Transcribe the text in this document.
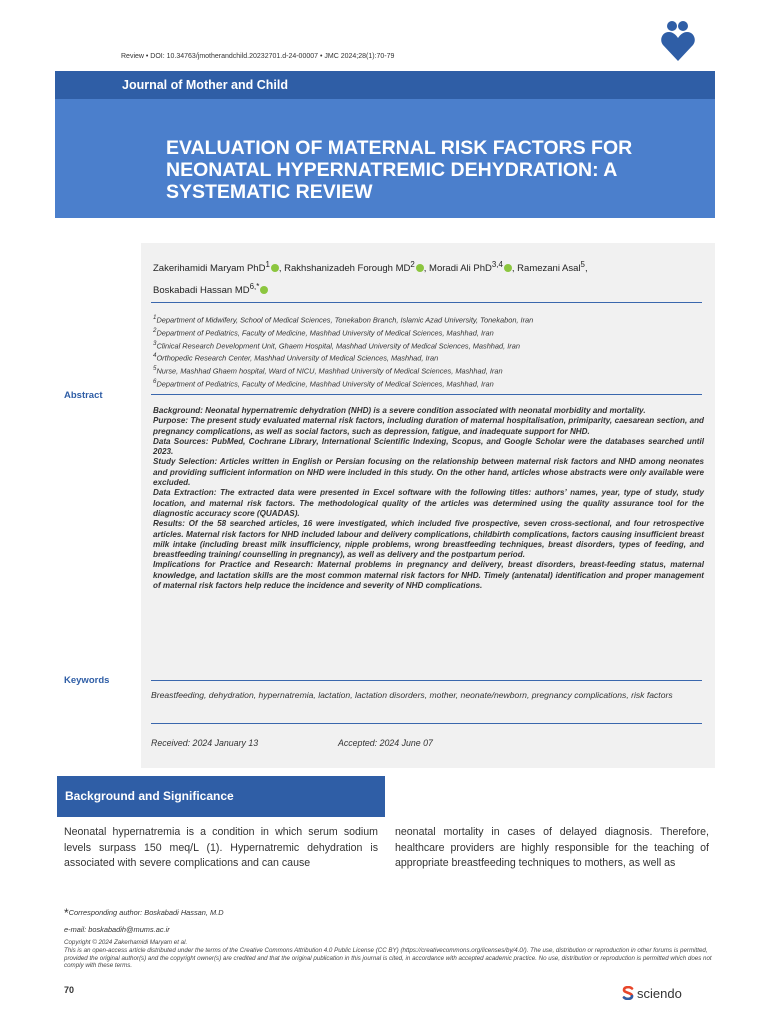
Review • DOI: 10.34763/jmotherandchild.20232701.d-24-00007 • JMC 2024;28(1):70-79
Journal of Mother and Child
EVALUATION OF MATERNAL RISK FACTORS FOR NEONATAL HYPERNATREMIC DEHYDRATION: A SYSTEMATIC REVIEW
Zakerihamidi Maryam PhD$^1$ , Rakhshanizadeh Forough $MD^2$ , Moradi Ali PhD$^{3,4}$ , Ramezani Asal$^5$,
Boskabadi Hassan $MD^{6,*}$
$^1$Department of Midwifery, School of Medical Sciences, Tonekabon Branch, Islamic Azad University, Tonekabon, Iran
$^2$Department of Pediatrics, Faculty of Medicine, Mashhad University of Medical Sciences, Mashhad, Iran
$^3$Clinical Research Development Unit, Ghaem Hospital, Mashhad University of Medical Sciences, Mashhad, Iran
$^4$Orthopedic Research Center, Mashhad University of Medical Sciences, Mashhad, Iran
$^5$Nurse, Mashhad Ghaem hospital, Ward of NICU, Mashhad University of Medical Sciences, Mashhad, Iran
$^6$Department of Pediatrics, Faculty of Medicine, Mashhad University of Medical Sciences, Mashhad, Iran
Abstract

Background: Neonatal hypernatremic dehydration (NHD) is a severe condition associated with neonatal morbidity and mortality.

Purpose: The present study evaluated maternal risk factors, including duration of maternal hospitalisation, primiparity, caesarean section, and pregnancy complications, as well as social factors, such as depression, fatigue, and inadequate support for NHD.

Data Sources: PubMed, Cochrane Library, International Scientific Indexing, Scopus, and Google Scholar were the databases searched until 2023.

Study Selection: Articles written in English or Persian focusing on the relationship between maternal risk factors and NHD among neonates and providing sufficient information on NHD were included in this study. On the other hand, articles whose abstracts were only available were excluded.

Data Extraction: The extracted data were presented in Excel software with the following titles: authors’ names, year, type of study, study location, and maternal risk factors. The methodological quality of the articles was determined using the quality assurance tool for the diagnostic accuracy score (QUADAS).

Results: Of the 58 searched articles, 16 were investigated, which included five prospective, seven cross-sectional, and four retrospective articles. Maternal risk factors for NHD included labour and delivery complications, childbirth complications, factors causing insufficient breast milk intake (including breast milk insufficiency, nipple problems, wrong breastfeeding techniques, breast disorders, types of feeding, and breastfeeding training/ counselling in pregnancy), as well as delivery and the postpartum period.

Implications for Practice and Research: Maternal problems in pregnancy and delivery, breast disorders, breast-feeding status, maternal knowledge, and lactation skills are the most common maternal risk factors for NHD. Timely (antenatal) identification and proper management of maternal risk factors help reduce the incidence and severity of NHD complications.

Keywords
Breastfeeding, dehydration, hypernatremia, lactation, lactation disorders, mother, neonate/newborn, pregnancy complications, risk factors
Received: 2024 January 13	Accepted: 2024 June 07
Background and Significance
Neonatal hypernatremia is a condition in which serum sodium levels surpass 150 meq/L (1). Hypernatremic dehydration is associated with severe complications and can cause
neonatal mortality in cases of delayed diagnosis. Therefore, healthcare providers are highly responsible for the teaching of appropriate breastfeeding techniques to mothers, as well as
*Corresponding author: Boskabadi Hassan, M.D
e-mail: boskabadih@mums.ac.ir
Copyright © 2024 Zakerhamidi Maryam et al.
This is an open-access article distributed under the terms of the Creative Commons Attribution 4.0 Public License (CC BY) (https://creativecommons.org/licenses/by/4.0/). The use, distribution or reproduction in other forums is permitted, provided the original author(s) and the copyright owner(s) are credited and that the original publication in this journal is cited, in accordance with accepted academic practice. No use, distribution or reproduction is permitted which does not comply with these terms.
70	sciendo
